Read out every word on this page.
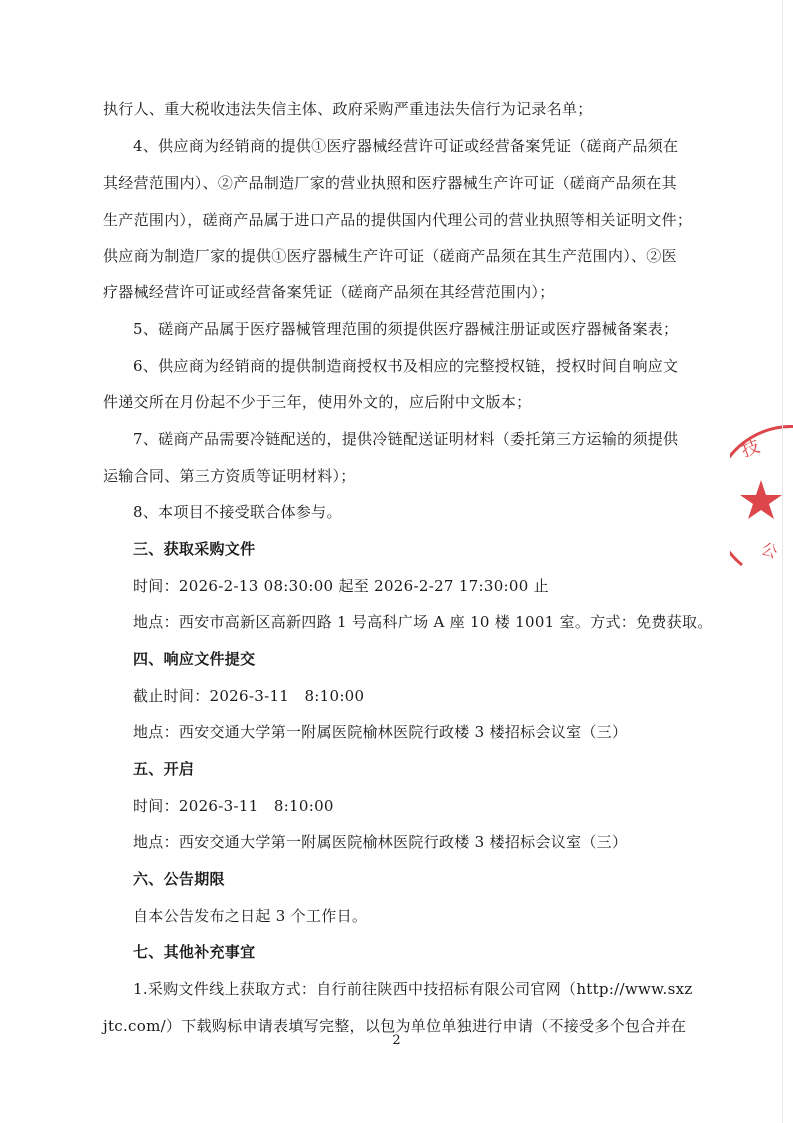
执行人、重大税收违法失信主体、政府采购严重违法失信行为记录名单；
4、供应商为经销商的提供①医疗器械经营许可证或经营备案凭证（磋商产品须在
其经营范围内）、②产品制造厂家的营业执照和医疗器械生产许可证（磋商产品须在其
生产范围内），磋商产品属于进口产品的提供国内代理公司的营业执照等相关证明文件；
供应商为制造厂家的提供①医疗器械生产许可证（磋商产品须在其生产范围内）、②医
疗器械经营许可证或经营备案凭证（磋商产品须在其经营范围内）；
5、磋商产品属于医疗器械管理范围的须提供医疗器械注册证或医疗器械备案表；
6、供应商为经销商的提供制造商授权书及相应的完整授权链，授权时间自响应文
件递交所在月份起不少于三年，使用外文的，应后附中文版本；
7、磋商产品需要冷链配送的，提供冷链配送证明材料（委托第三方运输的须提供
运输合同、第三方资质等证明材料）；
8、本项目不接受联合体参与。
三、获取采购文件
时间：2026-2-13 08:30:00 起至 2026-2-27 17:30:00 止
地点：西安市高新区高新四路 1 号高科广场 A 座 10 楼 1001 室。方式：免费获取。
四、响应文件提交
截止时间：2026-3-11　8:10:00
地点：西安交通大学第一附属医院榆林医院行政楼 3 楼招标会议室（三）
五、开启
时间：2026-3-11　8:10:00
地点：西安交通大学第一附属医院榆林医院行政楼 3 楼招标会议室（三）
六、公告期限
自本公告发布之日起 3 个工作日。
七、其他补充事宜
1.采购文件线上获取方式：自行前往陕西中技招标有限公司官网（http://www.sxz
jtc.com/）下载购标申请表填写完整，以包为单位单独进行申请（不接受多个包合并在
2
技
公
